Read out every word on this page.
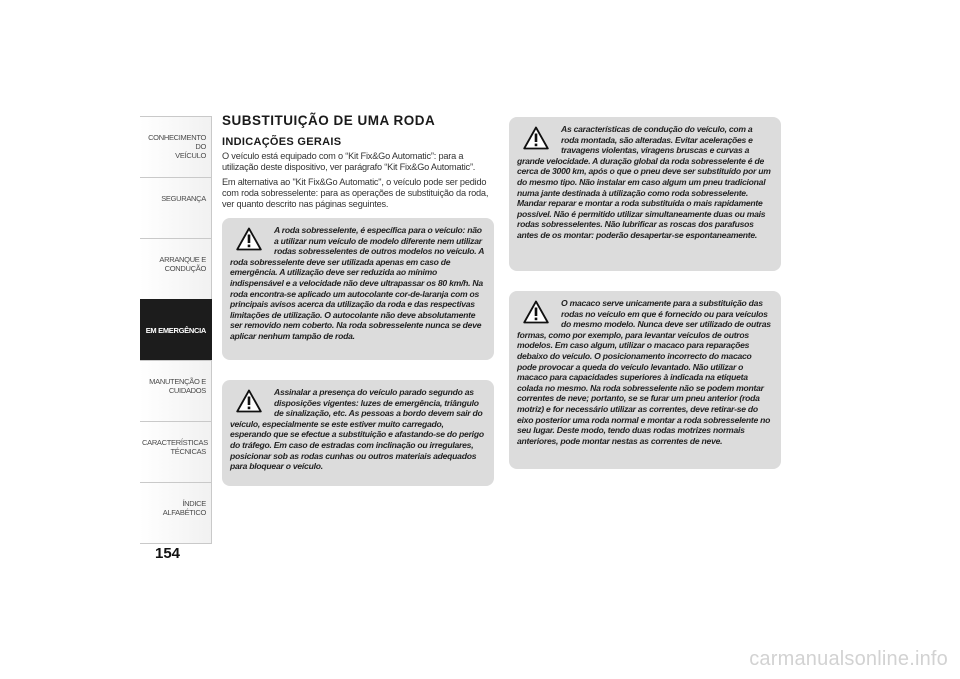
CONHECIMENTO DO
VEÍCULO
SEGURANÇA
ARRANQUE E
CONDUÇÃO
EM EMERGÊNCIA
MANUTENÇÃO E
CUIDADOS
CARACTERÍSTICAS
TÉCNICAS
ÍNDICE ALFABÉTICO
154
SUBSTITUIÇÃO DE UMA RODA
INDICAÇÕES GERAIS

O veículo está equipado com o “Kit Fix&Go Automatic”: para a utilização deste dispositivo, ver parágrafo “Kit Fix&Go Automatic”.

Em alternativa ao "Kit Fix&Go Automatic", o veículo pode ser pedido com roda sobresselente: para as operações de substituição da roda, ver quanto descrito nas páginas seguintes.

A roda sobresselente, é específica para o veículo: não a utilizar num veículo de modelo diferente nem utilizar rodas sobresselentes de outros modelos no veículo. A roda sobresselente deve ser utilizada apenas em caso de emergência. A utilização deve ser reduzida ao mínimo indispensável e a velocidade não deve ultrapassar os 80 km/h. Na roda encontra-se aplicado um autocolante cor-de-laranja com os principais avisos acerca da utilização da roda e das respectivas limitações de utilização. O autocolante não deve absolutamente ser removido nem coberto. Na roda sobresselente nunca se deve aplicar nenhum tampão de roda.

Assinalar a presença do veículo parado segundo as disposições vigentes: luzes de emergência, triângulo de sinalização, etc. As pessoas a bordo devem sair do veículo, especialmente se este estiver muito carregado, esperando que se efectue a substituição e afastando-se do perigo do tráfego. Em caso de estradas com inclinação ou irregulares, posicionar sob as rodas cunhas ou outros materiais adequados para bloquear o veículo.

As características de condução do veículo, com a roda montada, são alteradas. Evitar acelerações e travagens violentas, viragens bruscas e curvas a grande velocidade. A duração global da roda sobresselente é de cerca de 3000 km, após o que o pneu deve ser substituído por um do mesmo tipo. Não instalar em caso algum um pneu tradicional numa jante destinada à utilização como roda sobresselente. Mandar reparar e montar a roda substituída o mais rapidamente possível. Não é permitido utilizar simultaneamente duas ou mais rodas sobresselentes. Não lubrificar as roscas dos parafusos antes de os montar: poderão desapertar-se espontaneamente.

O macaco serve unicamente para a substituição das rodas no veículo em que é fornecido ou para veículos do mesmo modelo. Nunca deve ser utilizado de outras formas, como por exemplo, para levantar veículos de outros modelos. Em caso algum, utilizar o macaco para reparações debaixo do veículo. O posicionamento incorrecto do macaco pode provocar a queda do veículo levantado. Não utilizar o macaco para capacidades superiores à indicada na etiqueta colada no mesmo. Na roda sobresselente não se podem montar correntes de neve; portanto, se se furar um pneu anterior (roda motriz) e for necessário utilizar as correntes, deve retirar-se do eixo posterior uma roda normal e montar a roda sobresselente no seu lugar. Deste modo, tendo duas rodas motrizes normais anteriores, pode montar nestas as correntes de neve.

carmanualsonline.info
